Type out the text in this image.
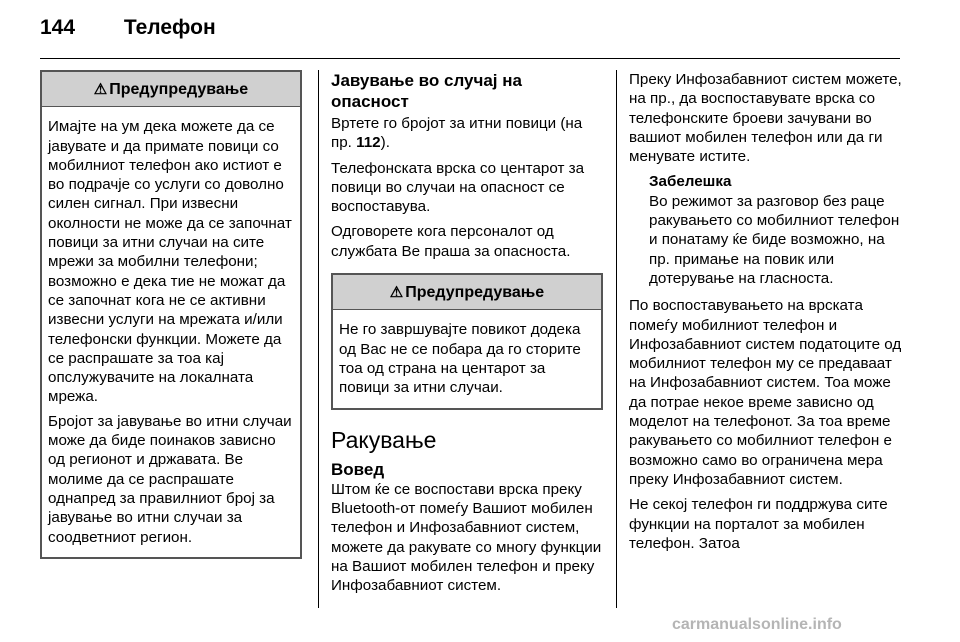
144 Телефон
⚠ Предупредување

Имајте на ум дека можете да се јавувате и да примате повици со мобилниот телефон ако истиот е во подрачје со услуги со доволно силен сигнал. При извесни околности не може да се започнат повици за итни случаи на сите мрежи за мобилни телефони; возможно е дека тие не можат да се започнат кога не се активни извесни услуги на мрежата и/или телефонски функции. Можете да се распрашате за тоа кај опслужувачите на локалната мрежа.

Бројот за јавување во итни случаи може да биде поинаков зависно од регионот и државата. Ве молиме да се распрашате однапред за правилниот број за јавување во итни случаи за соодветниот регион.

Јавување во случај на опасност

Вртете го бројот за итни повици (на пр. 112).

Телефонската врска со центарот за повици во случаи на опасност се воспоставува.

Одговорете кога персоналот од службата Ве праша за опасноста.

⚠ Предупредување

Не го завршувајте повикот додека од Вас не се побара да го сторите тоа од страна на центарот за повици за итни случаи.

Ракување
Вовед

Штом ќе се воспостави врска преку Bluetooth-от помеѓу Вашиот мобилен телефон и Инфозабавниот систем, можете да ракувате со многу функции на Вашиот мобилен телефон и преку Инфозабавниот систем.

Преку Инфозабавниот систем можете, на пр., да воспоставувате врска со телефонските броеви зачувани во вашиот мобилен телефон или да ги менувате истите.

Забелешка
Во режимот за разговор без раце ракувањето со мобилниот телефон и понатаму ќе биде возможно, на пр. примање на повик или дотерување на гласноста.

По воспоставувањето на врската помеѓу мобилниот телефон и Инфозабавниот систем податоците од мобилниот телефон му се предаваат на Инфозабавниот систем. Тоа може да потрае некое време зависно од моделот на телефонот. За тоа време ракувањето со мобилниот телефон е возможно само во ограничена мера преку Инфозабавниот систем.

Не секој телефон ги поддржува сите функции на порталот за мобилен телефон. Затоа

carmanualsonline.info
